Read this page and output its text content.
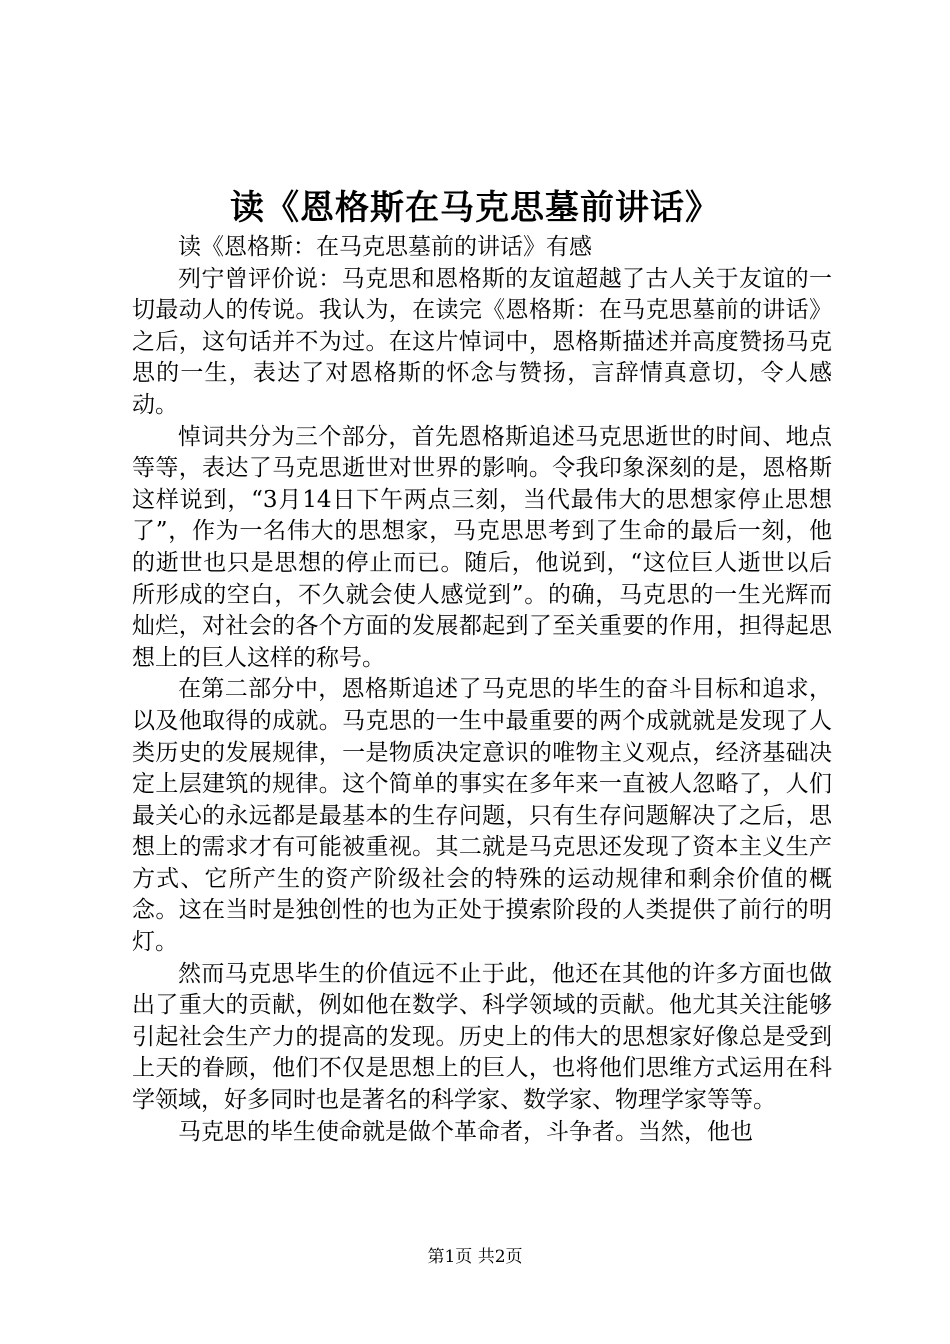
读《恩格斯在马克思墓前讲话》

读《恩格斯：在马克思墓前的讲话》有感

列宁曾评价说：马克思和恩格斯的友谊超越了古人关于友谊的一切最动人的传说。我认为，在读完《恩格斯：在马克思墓前的讲话》之后，这句话并不为过。在这片悼词中，恩格斯描述并高度赞扬马克思的一生，表达了对恩格斯的怀念与赞扬，言辞情真意切，令人感动。

悼词共分为三个部分，首先恩格斯追述马克思逝世的时间、地点等等，表达了马克思逝世对世界的影响。令我印象深刻的是，恩格斯这样说到，“3月14日下午两点三刻，当代最伟大的思想家停止思想了”，作为一名伟大的思想家，马克思思考到了生命的最后一刻，他的逝世也只是思想的停止而已。随后，他说到，“这位巨人逝世以后所形成的空白，不久就会使人感觉到”。的确，马克思的一生光辉而灿烂，对社会的各个方面的发展都起到了至关重要的作用，担得起思想上的巨人这样的称号。

在第二部分中，恩格斯追述了马克思的毕生的奋斗目标和追求，以及他取得的成就。马克思的一生中最重要的两个成就就是发现了人类历史的发展规律，一是物质决定意识的唯物主义观点，经济基础决定上层建筑的规律。这个简单的事实在多年来一直被人忽略了，人们最关心的永远都是最基本的生存问题，只有生存问题解决了之后，思想上的需求才有可能被重视。其二就是马克思还发现了资本主义生产方式、它所产生的资产阶级社会的特殊的运动规律和剩余价值的概念。这在当时是独创性的也为正处于摸索阶段的人类提供了前行的明灯。

然而马克思毕生的价值远不止于此，他还在其他的许多方面也做出了重大的贡献，例如他在数学、科学领域的贡献。他尤其关注能够引起社会生产力的提高的发现。历史上的伟大的思想家好像总是受到上天的眷顾，他们不仅是思想上的巨人，也将他们思维方式运用在科学领域，好多同时也是著名的科学家、数学家、物理学家等等。

马克思的毕生使命就是做个革命者，斗争者。当然，他也

第1页 共2页
